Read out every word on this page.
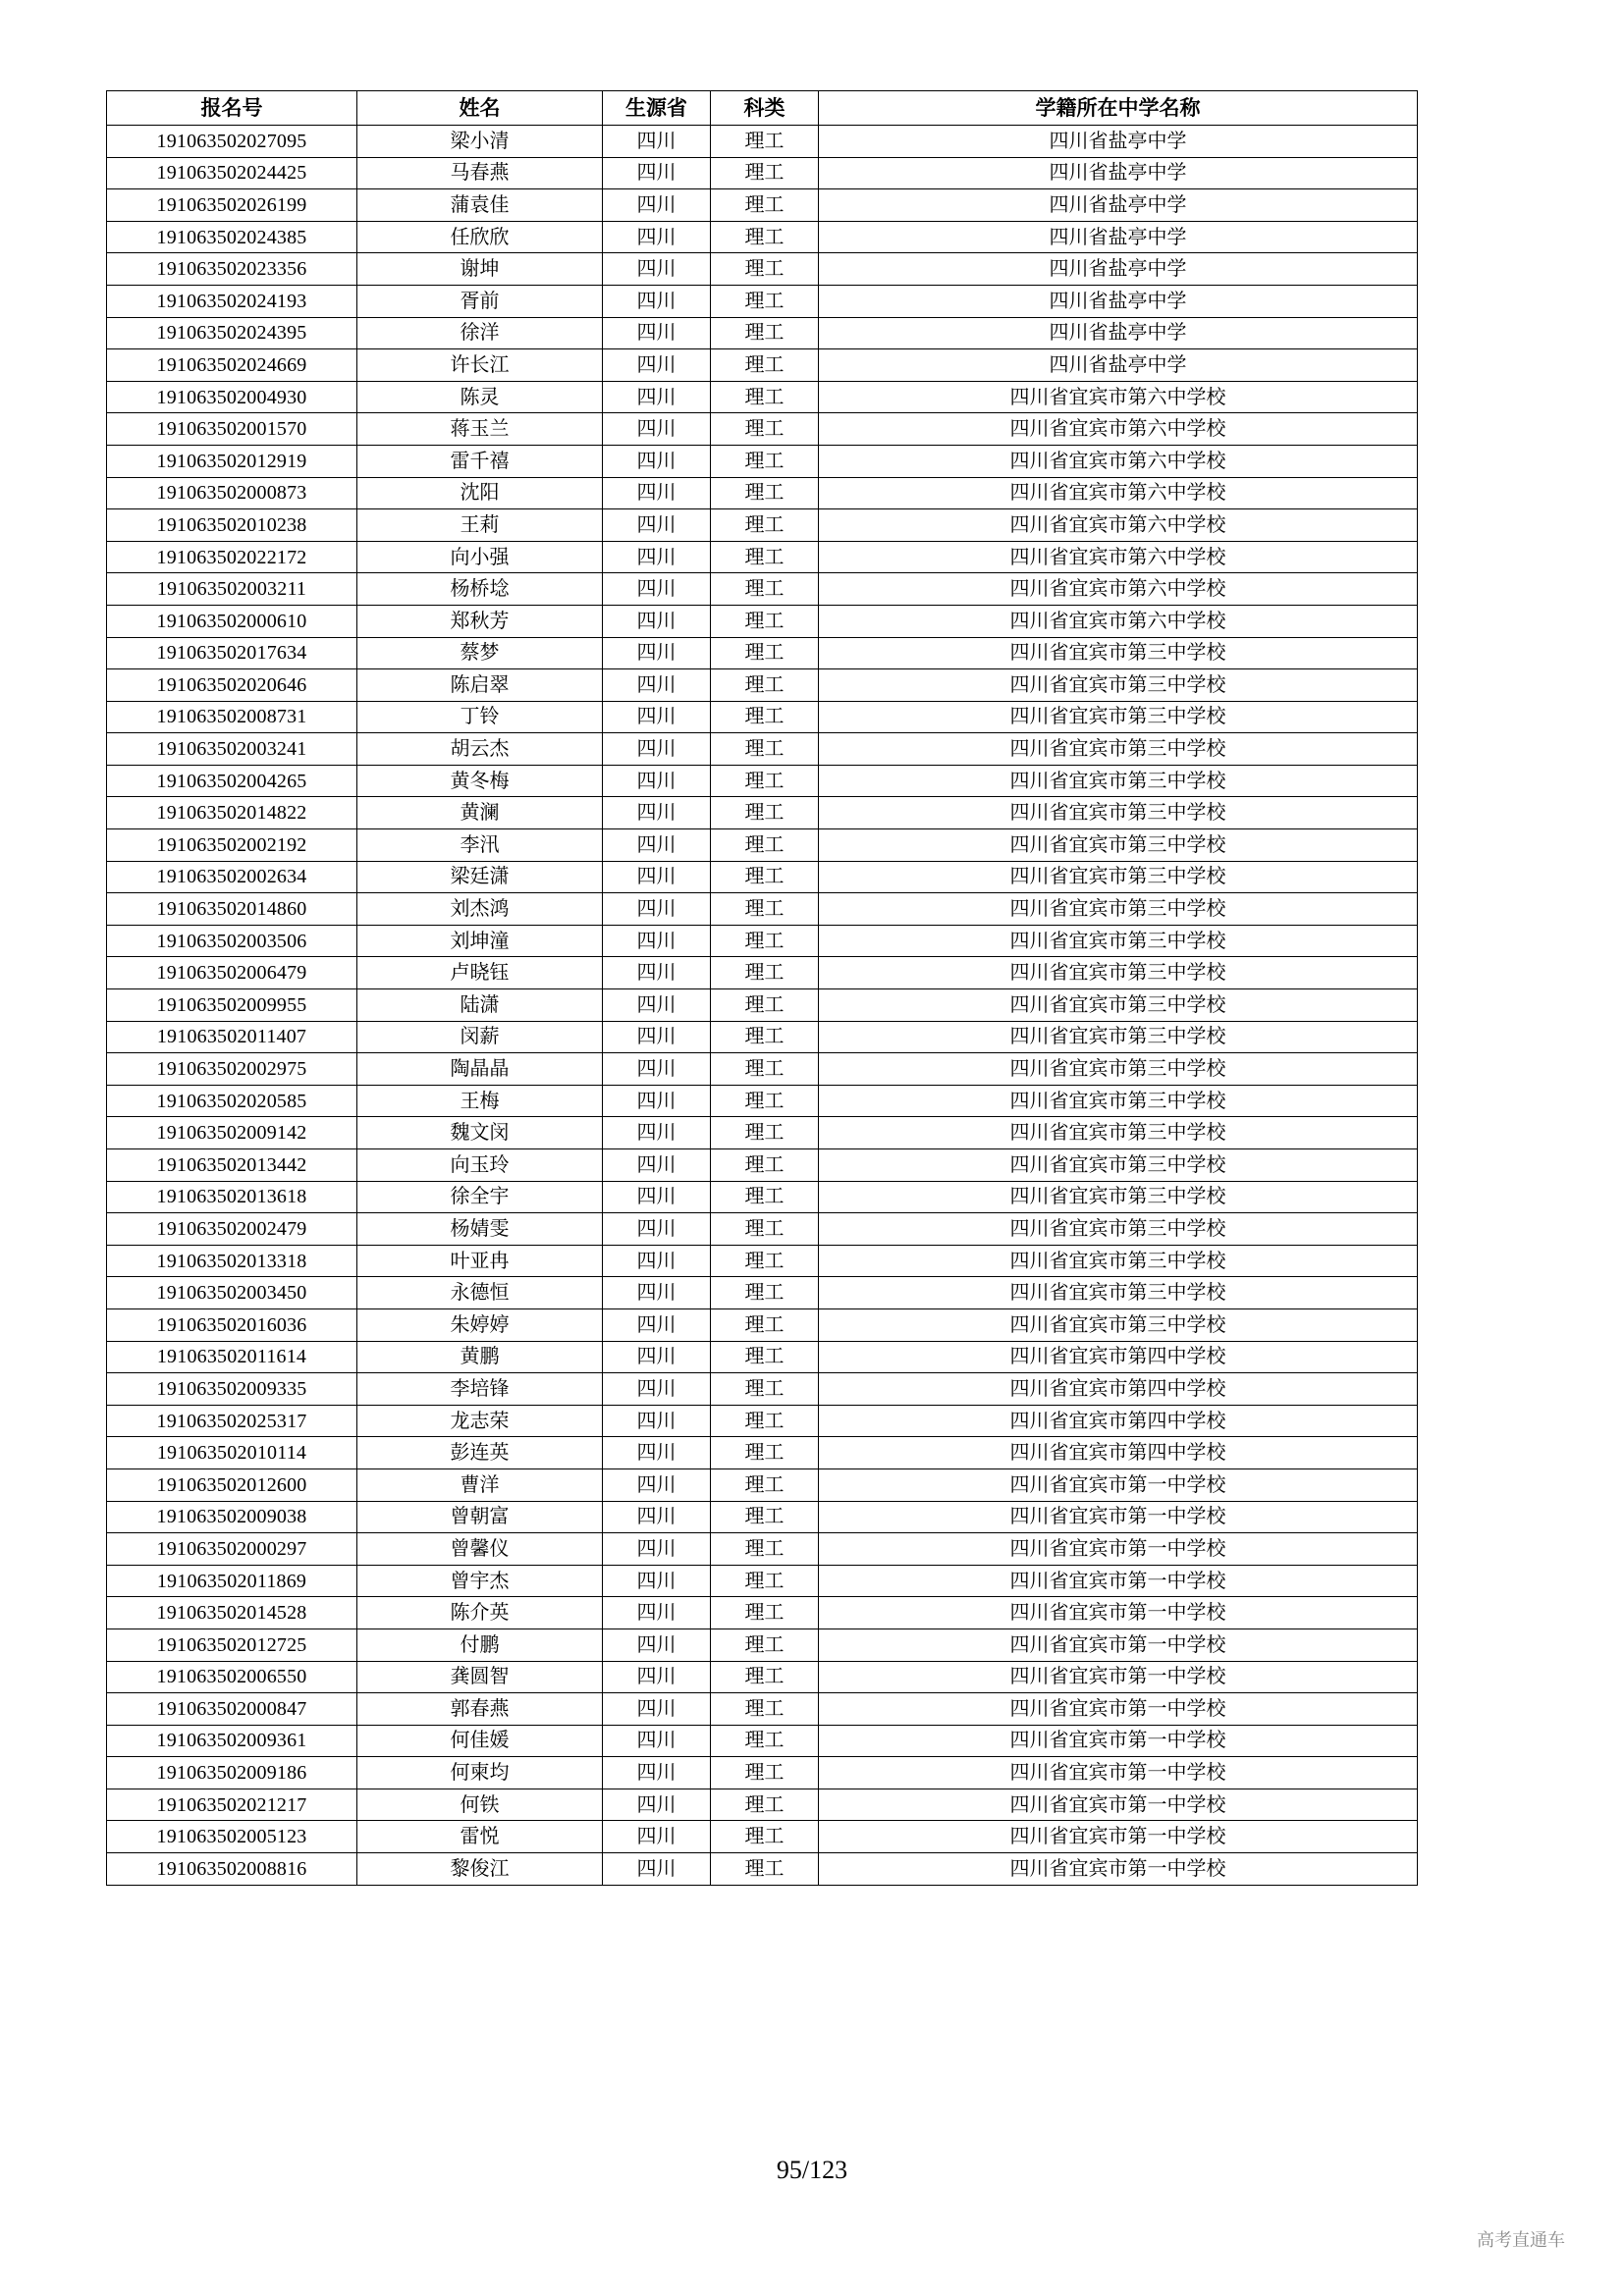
报名号	姓名	生源省	科类	学籍所在中学名称
191063502027095	梁小清	四川	理工	四川省盐亭中学
191063502024425	马春燕	四川	理工	四川省盐亭中学
191063502026199	蒲袁佳	四川	理工	四川省盐亭中学
191063502024385	任欣欣	四川	理工	四川省盐亭中学
191063502023356	谢坤	四川	理工	四川省盐亭中学
191063502024193	胥前	四川	理工	四川省盐亭中学
191063502024395	徐洋	四川	理工	四川省盐亭中学
191063502024669	许长江	四川	理工	四川省盐亭中学
191063502004930	陈灵	四川	理工	四川省宜宾市第六中学校
191063502001570	蒋玉兰	四川	理工	四川省宜宾市第六中学校
191063502012919	雷千禧	四川	理工	四川省宜宾市第六中学校
191063502000873	沈阳	四川	理工	四川省宜宾市第六中学校
191063502010238	王莉	四川	理工	四川省宜宾市第六中学校
191063502022172	向小强	四川	理工	四川省宜宾市第六中学校
191063502003211	杨桥埝	四川	理工	四川省宜宾市第六中学校
191063502000610	郑秋芳	四川	理工	四川省宜宾市第六中学校
191063502017634	蔡梦	四川	理工	四川省宜宾市第三中学校
191063502020646	陈启翠	四川	理工	四川省宜宾市第三中学校
191063502008731	丁铃	四川	理工	四川省宜宾市第三中学校
191063502003241	胡云杰	四川	理工	四川省宜宾市第三中学校
191063502004265	黄冬梅	四川	理工	四川省宜宾市第三中学校
191063502014822	黄澜	四川	理工	四川省宜宾市第三中学校
191063502002192	李汛	四川	理工	四川省宜宾市第三中学校
191063502002634	梁廷潇	四川	理工	四川省宜宾市第三中学校
191063502014860	刘杰鸿	四川	理工	四川省宜宾市第三中学校
191063502003506	刘坤潼	四川	理工	四川省宜宾市第三中学校
191063502006479	卢晓钰	四川	理工	四川省宜宾市第三中学校
191063502009955	陆潇	四川	理工	四川省宜宾市第三中学校
191063502011407	闵薪	四川	理工	四川省宜宾市第三中学校
191063502002975	陶晶晶	四川	理工	四川省宜宾市第三中学校
191063502020585	王梅	四川	理工	四川省宜宾市第三中学校
191063502009142	魏文闵	四川	理工	四川省宜宾市第三中学校
191063502013442	向玉玲	四川	理工	四川省宜宾市第三中学校
191063502013618	徐全宇	四川	理工	四川省宜宾市第三中学校
191063502002479	杨婧雯	四川	理工	四川省宜宾市第三中学校
191063502013318	叶亚冉	四川	理工	四川省宜宾市第三中学校
191063502003450	永德恒	四川	理工	四川省宜宾市第三中学校
191063502016036	朱婷婷	四川	理工	四川省宜宾市第三中学校
191063502011614	黄鹏	四川	理工	四川省宜宾市第四中学校
191063502009335	李培锋	四川	理工	四川省宜宾市第四中学校
191063502025317	龙志荣	四川	理工	四川省宜宾市第四中学校
191063502010114	彭连英	四川	理工	四川省宜宾市第四中学校
191063502012600	曹洋	四川	理工	四川省宜宾市第一中学校
191063502009038	曾朝富	四川	理工	四川省宜宾市第一中学校
191063502000297	曾馨仪	四川	理工	四川省宜宾市第一中学校
191063502011869	曾宇杰	四川	理工	四川省宜宾市第一中学校
191063502014528	陈介英	四川	理工	四川省宜宾市第一中学校
191063502012725	付鹏	四川	理工	四川省宜宾市第一中学校
191063502006550	龚圆智	四川	理工	四川省宜宾市第一中学校
191063502000847	郭春燕	四川	理工	四川省宜宾市第一中学校
191063502009361	何佳媛	四川	理工	四川省宜宾市第一中学校
191063502009186	何柬均	四川	理工	四川省宜宾市第一中学校
191063502021217	何铁	四川	理工	四川省宜宾市第一中学校
191063502005123	雷悦	四川	理工	四川省宜宾市第一中学校
191063502008816	黎俊江	四川	理工	四川省宜宾市第一中学校
95/123
高考直通车
